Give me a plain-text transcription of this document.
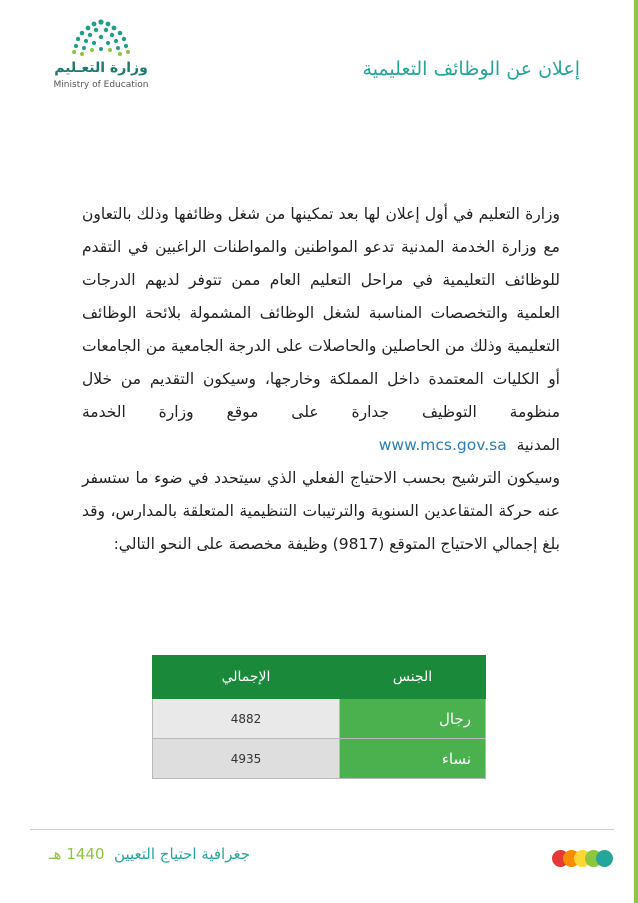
وزارة التعـليم
Ministry of Education
إعلان عن الوظائف التعليمية

وزارة التعليم في أول إعلان لها بعد تمكينها من شغل وظائفها وذلك بالتعاون مع وزارة الخدمة المدنية تدعو المواطنين والمواطنات الراغبين في التقدم للوظائف التعليمية في مراحل التعليم العام ممن تتوفر لديهم الدرجات العلمية والتخصصات المناسبة لشغل الوظائف المشمولة بلائحة الوظائف التعليمية وذلك من الحاصلين والحاصلات على الدرجة الجامعية من الجامعات أو الكليات المعتمدة داخل المملكة وخارجها، وسيكون التقديم من خلال منظومة التوظيف جدارة على موقع وزارة الخدمة المدنية  www.mcs.gov.sa

وسيكون الترشيح بحسب الاحتياج الفعلي الذي سيتحدد في ضوء ما ستسفر عنه حركة المتقاعدين السنوية والترتيبات التنظيمية المتعلقة بالمدارس، وقد بلغ إجمالي الاحتياج المتوقع (9817) وظيفة مخصصة على النحو التالي:

الجنس	الإجمالي
رجال	4882
نساء	4935
جغرافية احتياج التعيين  1440 هـ
